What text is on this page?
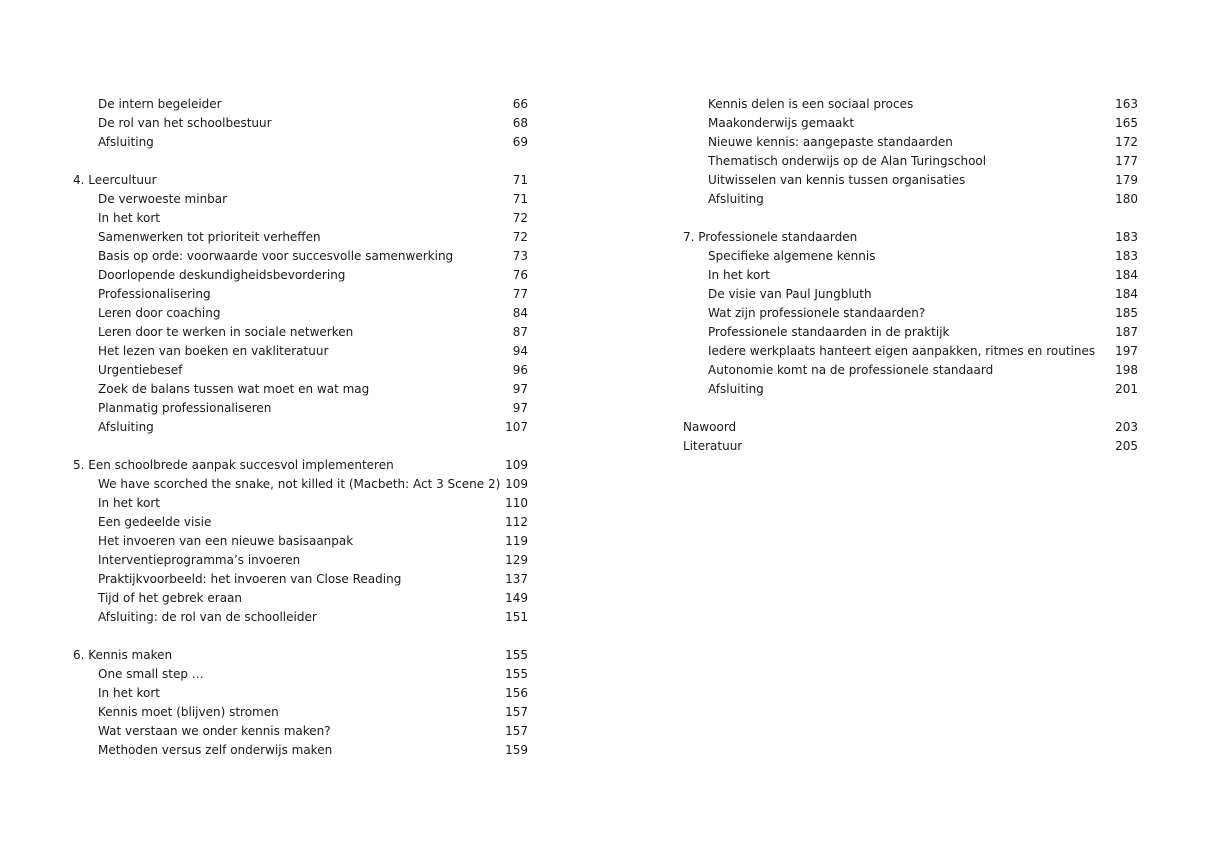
De intern begeleider	66
De rol van het schoolbestuur	68
Afsluiting	69
4. Leercultuur	71
De verwoeste minbar	71
In het kort	72
Samenwerken tot prioriteit verheffen	72
Basis op orde: voorwaarde voor succesvolle samenwerking	73
Doorlopende deskundigheidsbevordering	76
Professionalisering	77
Leren door coaching	84
Leren door te werken in sociale netwerken	87
Het lezen van boeken en vakliteratuur	94
Urgentiebesef	96
Zoek de balans tussen wat moet en wat mag	97
Planmatig professionaliseren	97
Afsluiting	107
5. Een schoolbrede aanpak succesvol implementeren	109
We have scorched the snake, not killed it (Macbeth: Act 3 Scene 2) 109
In het kort	110
Een gedeelde visie	112
Het invoeren van een nieuwe basisaanpak	119
Interventieprogramma’s invoeren	129
Praktijkvoorbeeld: het invoeren van Close Reading	137
Tijd of het gebrek eraan	149
Afsluiting: de rol van de schoolleider	151
6. Kennis maken	155
One small step …	155
In het kort	156
Kennis moet (blijven) stromen	157
Wat verstaan we onder kennis maken?	157
Methoden versus zelf onderwijs maken	159
Kennis delen is een sociaal proces	163
Maakonderwijs gemaakt	165
Nieuwe kennis: aangepaste standaarden	172
Thematisch onderwijs op de Alan Turingschool	177
Uitwisselen van kennis tussen organisaties	179
Afsluiting	180
7. Professionele standaarden	183
Specifieke algemene kennis	183
In het kort	184
De visie van Paul Jungbluth	184
Wat zijn professionele standaarden?	185
Professionele standaarden in de praktijk	187
Iedere werkplaats hanteert eigen aanpakken, ritmes en routines 197
Autonomie komt na de professionele standaard	198
Afsluiting	201
Nawoord	203
Literatuur	205
